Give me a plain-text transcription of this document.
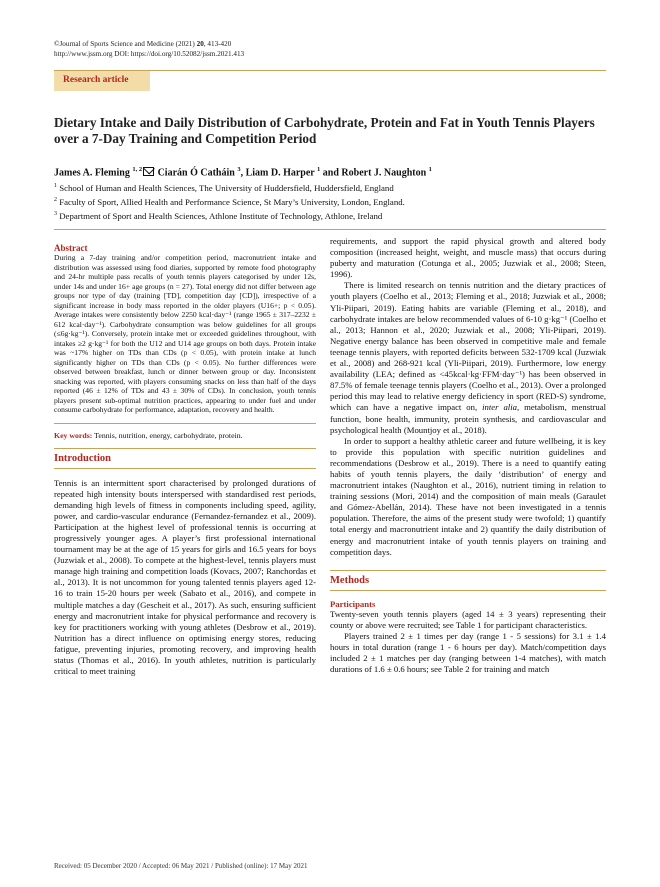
©Journal of Sports Science and Medicine (2021) 20, 413-420
http://www.jssm.org DOI: https://doi.org/10.52082/jssm.2021.413
Research article
Dietary Intake and Daily Distribution of Carbohydrate, Protein and Fat in Youth Tennis Players over a 7-Day Training and Competition Period
James A. Fleming $^{1, 2}$ Ciarán Ó Catháin $^3$, Liam D. Harper $^1$ and Robert J. Naughton $^1$
$^1$ School of Human and Health Sciences, The University of Huddersfield, Huddersfield, England
$^2$ Faculty of Sport, Allied Health and Performance Science, St Mary’s University, London, England.
$^3$ Department of Sport and Health Sciences, Athlone Institute of Technology, Athlone, Ireland
Abstract
During a 7-day training and/or competition period, macronutrient intake and distribution was assessed using food diaries, supported by remote food photography and 24-hr multiple pass recalls of youth tennis players categorised by under 12s, under 14s and under 16+ age groups (n = 27). Total energy did not differ between age groups nor type of day (training [TD], competition day [CD]), irrespective of a significant increase in body mass reported in the older players (U16+; p < 0.05). Average intakes were consistently below 2250 kcal·day⁻¹ (range 1965 ± 317–2232 ± 612 kcal·day⁻¹). Carbohydrate consumption was below guidelines for all groups (≤6g·kg⁻¹). Conversely, protein intake met or exceeded guidelines throughout, with intakes ≥2 g·kg⁻¹ for both the U12 and U14 age groups on both days. Protein intake was ~17% higher on TDs than CDs (p < 0.05), with protein intake at lunch significantly higher on TDs than CDs (p < 0.05). No further differences were observed between breakfast, lunch or dinner between group or day. Inconsistent snacking was reported, with players consuming snacks on less than half of the days reported (46 ± 12% of TDs and 43 ± 30% of CDs). In conclusion, youth tennis players present sub-optimal nutrition practices, appearing to under fuel and under consume carbohydrate for performance, adaptation, recovery and health.
Key words: Tennis, nutrition, energy, carbohydrate, protein.
Introduction
Tennis is an intermittent sport characterised by prolonged durations of repeated high intensity bouts interspersed with standardised rest periods, demanding high levels of fitness in components including speed, agility, power, and cardio-vascular endurance (Fernandez-fernandez et al., 2009). Participation at the highest level of professional tennis is occurring at progressively younger ages. A player’s first professional international tournament may be at the age of 15 years for girls and 16.5 years for boys (Juzwiak et al., 2008). To compete at the highest-level, tennis players must manage high training and competition loads (Kovacs, 2007; Ranchordas et al., 2013). It is not uncommon for young talented tennis players aged 12-16 to train 15-20 hours per week (Sabato et al., 2016), and compete in multiple matches a day (Gescheit et al., 2017). As such, ensuring sufficient energy and macronutrient intake for physical performance and recovery is key for practitioners working with young athletes (Desbrow et al., 2019). Nutrition has a direct influence on optimising energy stores, reducing fatigue, preventing injuries, promoting recovery, and improving health status (Thomas et al., 2016). In youth athletes, nutrition is particularly critical to meet training
requirements, and support the rapid physical growth and altered body composition (increased height, weight, and muscle mass) that occurs during puberty and maturation (Cotunga et al., 2005; Juzwiak et al., 2008; Steen, 1996).
There is limited research on tennis nutrition and the dietary practices of youth players (Coelho et al., 2013; Fleming et al., 2018; Juzwiak et al., 2008; Yli-Piipari, 2019). Eating habits are variable (Fleming et al., 2018), and carbohydrate intakes are below recommended values of 6-10 g·kg⁻¹ (Coelho et al., 2013; Hannon et al., 2020; Juzwiak et al., 2008; Yli-Piipari, 2019). Negative energy balance has been observed in competitive male and female teenage tennis players, with reported deficits between 532-1709 kcal (Juzwiak et al., 2008) and 268-921 kcal (Yli-Piipari, 2019). Furthermore, low energy availability (LEA; defined as <45kcal·kg·FFM·day⁻¹) has been observed in 87.5% of female teenage tennis players (Coelho et al., 2013). Over a prolonged period this may lead to relative energy deficiency in sport (RED-S) syndrome, which can have a negative impact on, inter alia, metabolism, menstrual function, bone health, immunity, protein synthesis, and cardiovascular and psychological health (Mountjoy et al., 2018).
In order to support a healthy athletic career and future wellbeing, it is key to provide this population with specific nutrition guidelines and recommendations (Desbrow et al., 2019). There is a need to quantify eating habits of youth tennis players, the daily ‘distribution’ of energy and macronutrient intakes (Naughton et al., 2016), nutrient timing in relation to training sessions (Mori, 2014) and the composition of main meals (Garaulet and Gómez-Abellán, 2014). These have not been investigated in a tennis population. Therefore, the aims of the present study were twofold; 1) quantify total energy and macronutrient intake and 2) quantify the daily distribution of energy and macronutrient intake of youth tennis players on training and competition days.
Methods
Participants
Twenty-seven youth tennis players (aged 14 ± 3 years) representing their county or above were recruited; see Table 1 for participant characteristics.
Players trained 2 ± 1 times per day (range 1 - 5 sessions) for 3.1 ± 1.4 hours in total duration (range 1 - 6 hours per day). Match/competition days included 2 ± 1 matches per day (ranging between 1-4 matches), with match durations of 1.6 ± 0.6 hours; see Table 2 for training and match
Received: 05 December 2020 / Accepted: 06 May 2021 / Published (online): 17 May 2021
